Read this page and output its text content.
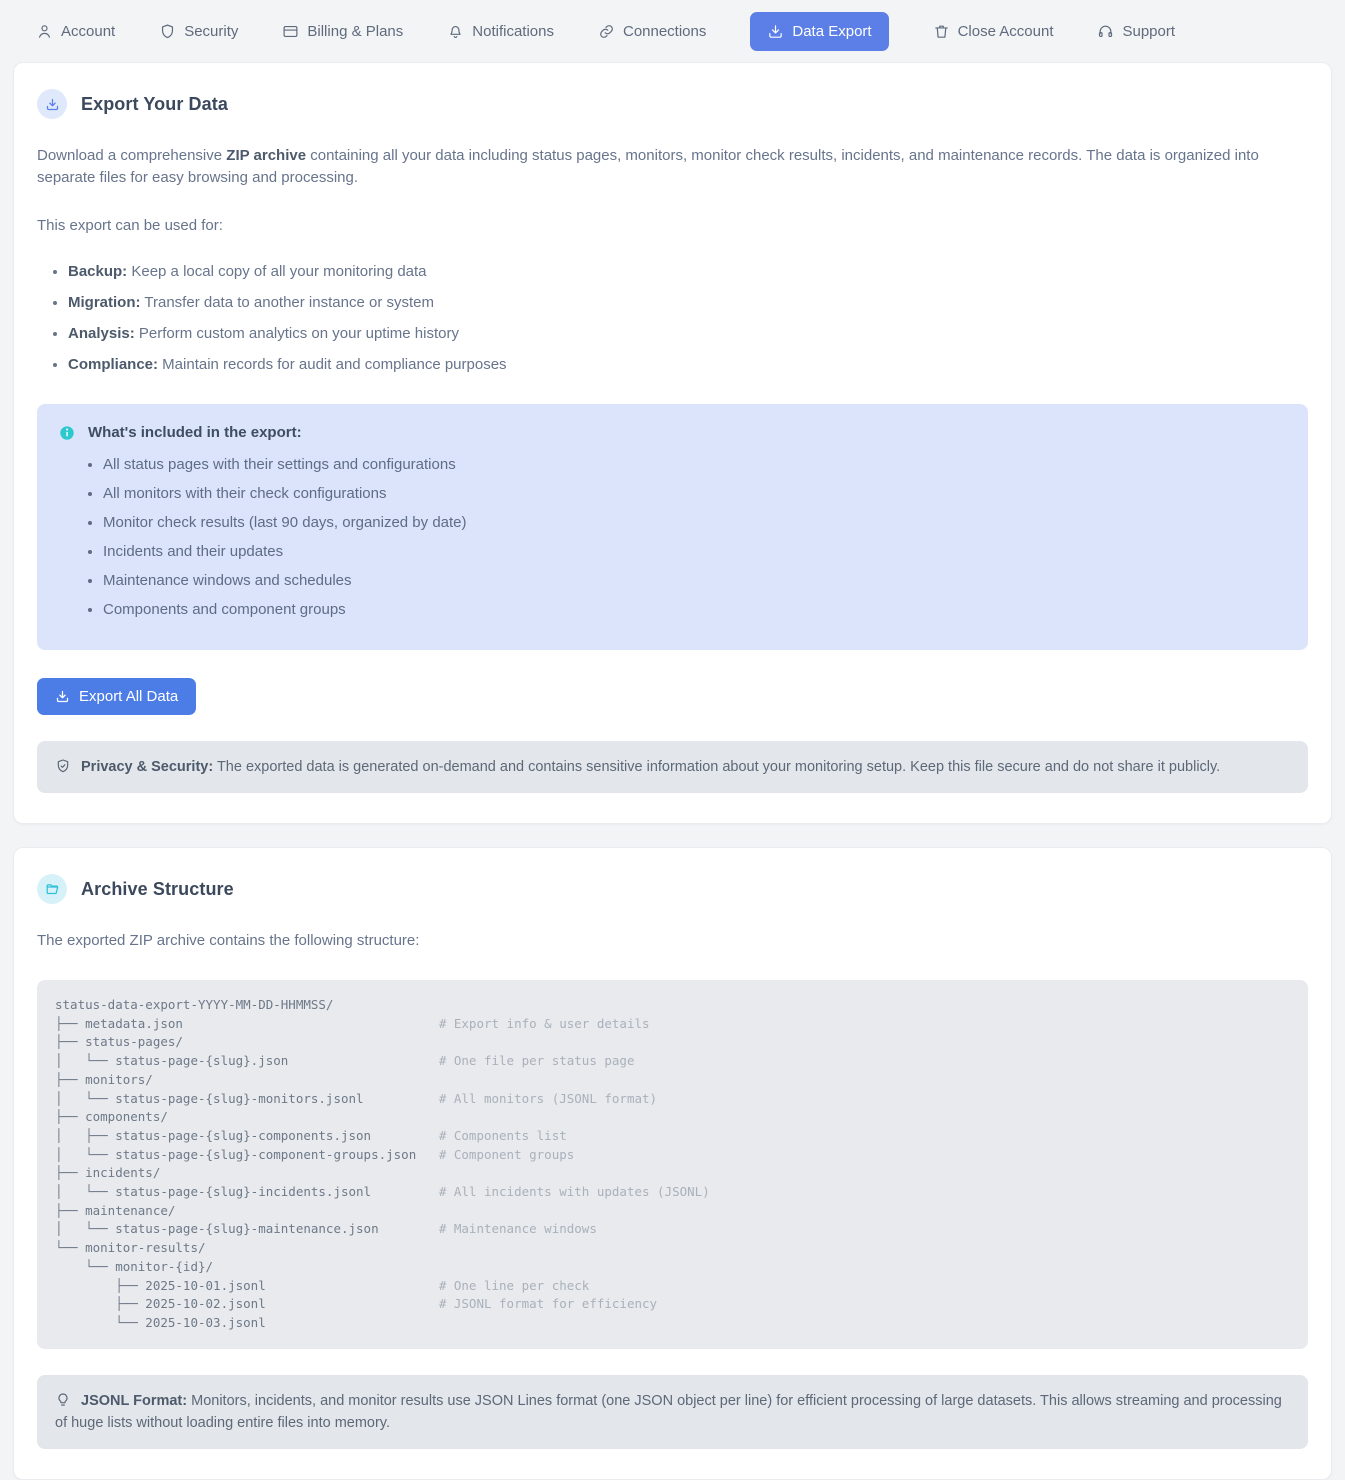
Account	Security	Billing & Plans	Notifications	Connections	Data Export	Close Account	Support
Export Your Data

Download a comprehensive ZIP archive containing all your data including status pages, monitors, monitor check results, incidents, and maintenance records. The data is organized into separate files for easy browsing and processing.

This export can be used for:

• Backup: Keep a local copy of all your monitoring data
• Migration: Transfer data to another instance or system
• Analysis: Perform custom analytics on your uptime history
• Compliance: Maintain records for audit and compliance purposes
What's included in the export:
• All status pages with their settings and configurations
• All monitors with their check configurations
• Monitor check results (last 90 days, organized by date)
• Incidents and their updates
• Maintenance windows and schedules
• Components and component groups
Export All Data
Privacy & Security: The exported data is generated on-demand and contains sensitive information about your monitoring setup. Keep this file secure and do not share it publicly.
Archive Structure

The exported ZIP archive contains the following structure:

status-data-export-YYYY-MM-DD-HHMMSS/
├── metadata.json                                  # Export info & user details
├── status-pages/
│   └── status-page-{slug}.json                    # One file per status page
├── monitors/
│   └── status-page-{slug}-monitors.jsonl          # All monitors (JSONL format)
├── components/
│   ├── status-page-{slug}-components.json         # Components list
│   └── status-page-{slug}-component-groups.json   # Component groups
├── incidents/
│   └── status-page-{slug}-incidents.jsonl         # All incidents with updates (JSONL)
├── maintenance/
│   └── status-page-{slug}-maintenance.json        # Maintenance windows
└── monitor-results/
└── monitor-{id}/
├── 2025-10-01.jsonl                       # One line per check
├── 2025-10-02.jsonl                       # JSONL format for efficiency
└── 2025-10-03.jsonl
JSONL Format: Monitors, incidents, and monitor results use JSON Lines format (one JSON object per line) for efficient processing of large datasets. This allows streaming and processing of huge lists without loading entire files into memory.
